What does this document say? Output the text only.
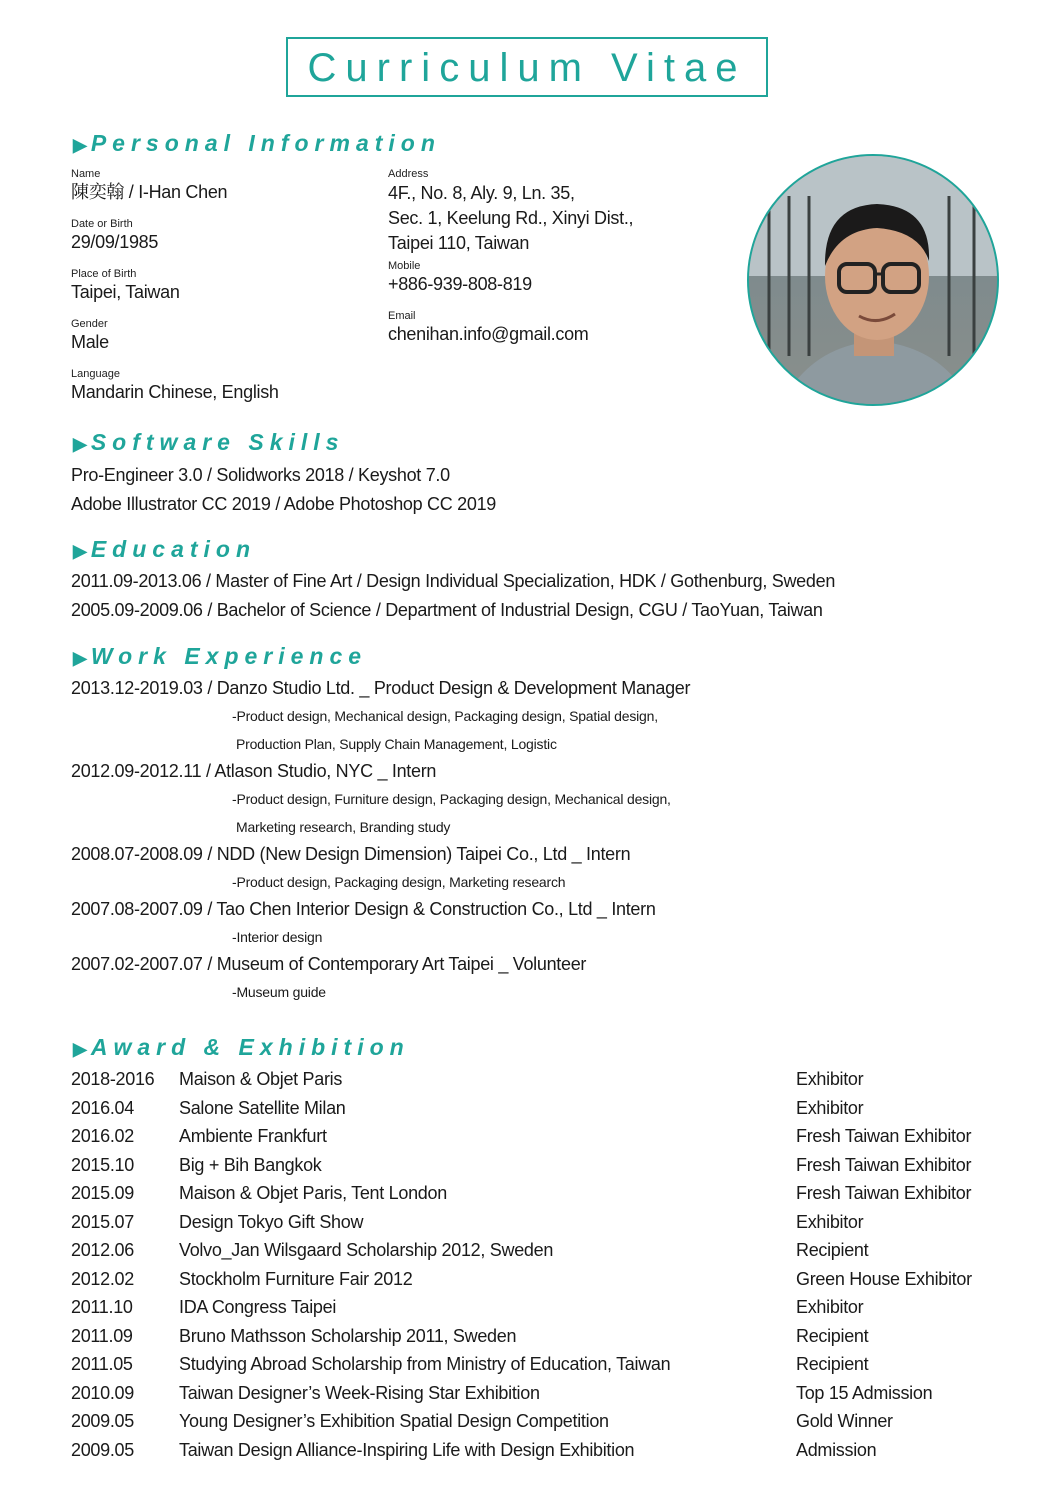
Curriculum Vitae
▶ Personal Information
Name
陳奕翰 / I-Han Chen
Date or Birth
29/09/1985
Place of Birth
Taipei, Taiwan
Gender
Male
Language
Mandarin Chinese, English
Address
4F., No. 8, Aly. 9, Ln. 35,
Sec. 1, Keelung Rd., Xinyi Dist.,
Taipei 110, Taiwan
Mobile
+886-939-808-819
Email
chenihan.info@gmail.com
▶ Software Skills
Pro-Engineer 3.0 / Solidworks 2018 / Keyshot 7.0
Adobe Illustrator CC 2019 / Adobe Photoshop CC 2019
▶ Education
2011.09-2013.06 / Master of Fine Art / Design Individual Specialization, HDK / Gothenburg, Sweden
2005.09-2009.06 / Bachelor of Science / Department of Industrial Design, CGU / TaoYuan, Taiwan
▶ Work Experience
2013.12-2019.03 / Danzo Studio Ltd. _ Product Design & Development Manager
-Product design, Mechanical design, Packaging design, Spatial design,
Production Plan, Supply Chain Management, Logistic
2012.09-2012.11 / Atlason Studio, NYC _ Intern
-Product design, Furniture design, Packaging design, Mechanical design,
Marketing research, Branding study
2008.07-2008.09 / NDD (New Design Dimension) Taipei Co., Ltd _ Intern
-Product design, Packaging design, Marketing research
2007.08-2007.09 / Tao Chen Interior Design & Construction Co., Ltd _ Intern
-Interior design
2007.02-2007.07 / Museum of Contemporary Art Taipei _ Volunteer
-Museum guide
▶ Award & Exhibition
2018-2016	Maison & Objet Paris	Exhibitor
2016.04	Salone Satellite Milan	Exhibitor
2016.02	Ambiente Frankfurt	Fresh Taiwan Exhibitor
2015.10	Big + Bih Bangkok	Fresh Taiwan Exhibitor
2015.09	Maison & Objet Paris, Tent London	Fresh Taiwan Exhibitor
2015.07	Design Tokyo Gift Show	Exhibitor
2012.06	Volvo_Jan Wilsgaard Scholarship 2012, Sweden	Recipient
2012.02	Stockholm Furniture Fair 2012	Green House Exhibitor
2011.10	IDA Congress Taipei	Exhibitor
2011.09	Bruno Mathsson Scholarship 2011, Sweden	Recipient
2011.05	Studying Abroad Scholarship from Ministry of Education, Taiwan	Recipient
2010.09	Taiwan Designer’s Week-Rising Star Exhibition	Top 15 Admission
2009.05	Young Designer’s Exhibition Spatial Design Competition	Gold Winner
2009.05	Taiwan Design Alliance-Inspiring Life with Design Exhibition	Admission
